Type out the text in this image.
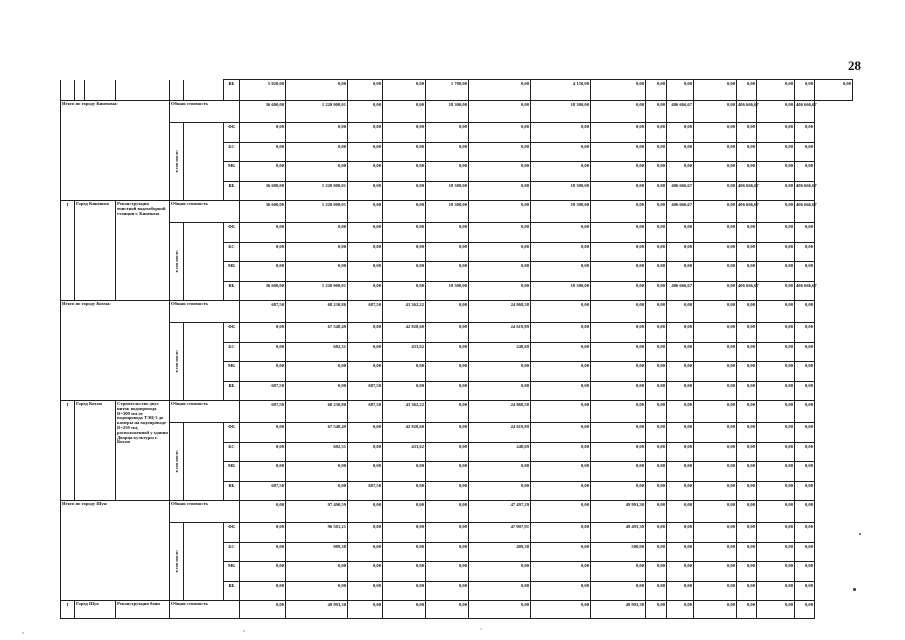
28
						ВБ	5 920,00	0,00	0,00	0,00	1 780,00	0,00	4 150,00	0,00	0,00	0,00	0,00	0,00	0,00	0,00	0,00
Итого по городу Кинешма:				Общая стоимость			36 600,00	1 220 000,01	0,00	0,00	18 300,00	0,00	18 300,00	0,00	0,00	406 666,67	0,00	406 666,67	0,00	406 666,67	
				в том числе:		ФБ	0,00	0,00	0,00	0,00	0,00	0,00	0,00	0,00	0,00	0,00	0,00	0,00	0,00	0,00	
						БС	0,00	0,00	0,00	0,00	0,00	0,00	0,00	0,00	0,00	0,00	0,00	0,00	0,00	0,00	
						МБ	0,00	0,00	0,00	0,00	0,00	0,00	0,00	0,00	0,00	0,00	0,00	0,00	0,00	0,00	
						ВБ	36 600,00	1 220 000,01	0,00	0,00	18 300,00	0,00	18 300,00	0,00	0,00	406 666,67	0,00	406 666,67	0,00	406 666,67	
1	Город Кинешма		Реконструкция очистной водозаборной станции г. Кинешма	Общая стоимость			36 600,00	1 220 000,01	0,00	0,00	18 300,00	0,00	18 300,00	0,00	0,00	406 666,67	0,00	406 666,67	0,00	406 666,67	
				в том числе:		ФБ	0,00	0,00	0,00	0,00	0,00	0,00	0,00	0,00	0,00	0,00	0,00	0,00	0,00	0,00	
						БС	0,00	0,00	0,00	0,00	0,00	0,00	0,00	0,00	0,00	0,00	0,00	0,00	0,00	0,00	
						МБ	0,00	0,00	0,00	0,00	0,00	0,00	0,00	0,00	0,00	0,00	0,00	0,00	0,00	0,00	
						ВБ	36 600,00	1 220 000,01	0,00	0,00	18 300,00	0,00	18 300,00	0,00	0,00	406 666,67	0,00	406 666,67	0,00	406 666,67	
Итого по городу Кохма:				Общая стоимость			687,50	68 230,80	687,50	43 362,22	0,00	24 868,58	0,00	0,00	0,00	0,00	0,00	0,00	0,00	0,00	
				в том числе:		ФБ	0,00	67 548,49	0,00	42 928,60	0,00	24 619,89	0,00	0,00	0,00	0,00	0,00	0,00	0,00	0,00	
						БС	0,00	682,31	0,00	433,62	0,00	248,69	0,00	0,00	0,00	0,00	0,00	0,00	0,00	0,00	
						МБ	0,00	0,00	0,00	0,00	0,00	0,00	0,00	0,00	0,00	0,00	0,00	0,00	0,00	0,00	
						ВБ	687,50	0,00	687,50	0,00	0,00	0,00	0,00	0,00	0,00	0,00	0,00	0,00	0,00	0,00	
1	Город Кохма		Строительство двух ниток водопровода D=300 мм от водопровода ТЭЦ-3 до камеры на водопроводе D=250 мм, расположенной у здания Дворца культуры г. Кохма	Общая стоимость			687,50	68 230,80	687,50	43 362,22	0,00	24 868,58	0,00	0,00	0,00	0,00	0,00	0,00	0,00	0,00	
				в том числе:		ФБ	0,00	67 548,49	0,00	42 928,60	0,00	24 619,89	0,00	0,00	0,00	0,00	0,00	0,00	0,00	0,00	
						БС	0,00	682,31	0,00	433,62	0,00	248,69	0,00	0,00	0,00	0,00	0,00	0,00	0,00	0,00	
						МБ	0,00	0,00	0,00	0,00	0,00	0,00	0,00	0,00	0,00	0,00	0,00	0,00	0,00	0,00	
						ВБ	687,50	0,00	687,50	0,00	0,00	0,00	0,00	0,00	0,00	0,00	0,00	0,00	0,00	0,00	
Итого по городу Шуя:				Общая стоимость			0,00	97 490,59	0,00	0,00	0,00	47 497,29	0,00	49 993,30	0,00	0,00	0,00	0,00	0,00	0,00	
				в том числе:		ФБ	0,00	96 501,21	0,00	0,00	0,00	47 007,91	0,00	49 493,30	0,00	0,00	0,00	0,00	0,00	0,00	
						БС	0,00	989,38	0,00	0,00	0,00	489,38	0,00	500,00	0,00	0,00	0,00	0,00	0,00	0,00	
						МБ	0,00	0,00	0,00	0,00	0,00	0,00	0,00	0,00	0,00	0,00	0,00	0,00	0,00	0,00	
						ВБ	0,00	0,00	0,00	0,00	0,00	0,00	0,00	0,00	0,00	0,00	0,00	0,00	0,00	0,00	
1	Город Шуя		Реконструкция бани	Общая стоимость			0,00	49 993,30	0,00	0,00	0,00	0,00	0,00	49 993,30	0,00	0,00	0,00	0,00	0,00	0,00	
